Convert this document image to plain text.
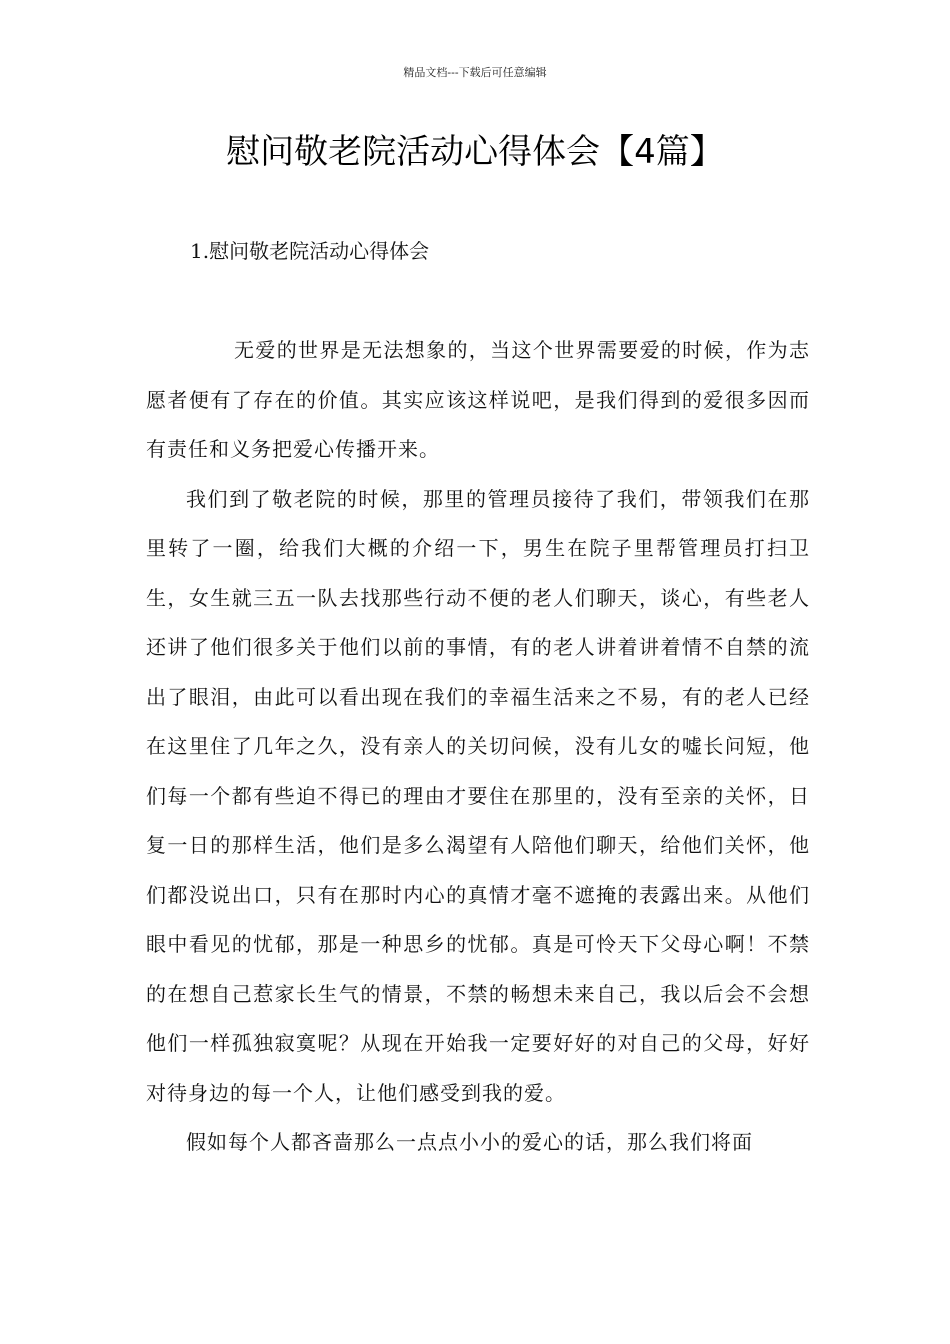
精品文档---下载后可任意编辑
慰问敬老院活动心得体会【4篇】
1.慰问敬老院活动心得体会

无爱的世界是无法想象的，当这个世界需要爱的时候，作为志愿者便有了存在的价值。其实应该这样说吧，是我们得到的爱很多因而有责任和义务把爱心传播开来。

我们到了敬老院的时候，那里的管理员接待了我们，带领我们在那里转了一圈，给我们大概的介绍一下，男生在院子里帮管理员打扫卫生，女生就三五一队去找那些行动不便的老人们聊天，谈心，有些老人还讲了他们很多关于他们以前的事情，有的老人讲着讲着情不自禁的流出了眼泪，由此可以看出现在我们的幸福生活来之不易，有的老人已经在这里住了几年之久，没有亲人的关切问候，没有儿女的嘘长问短，他们每一个都有些迫不得已的理由才要住在那里的，没有至亲的关怀，日复一日的那样生活，他们是多么渴望有人陪他们聊天，给他们关怀，他们都没说出口，只有在那时内心的真情才毫不遮掩的表露出来。从他们眼中看见的忧郁，那是一种思乡的忧郁。真是可怜天下父母心啊！不禁的在想自己惹家长生气的情景，不禁的畅想未来自己，我以后会不会想他们一样孤独寂寞呢？从现在开始我一定要好好的对自己的父母，好好对待身边的每一个人，让他们感受到我的爱。

假如每个人都吝啬那么一点点小小的爱心的话，那么我们将面
